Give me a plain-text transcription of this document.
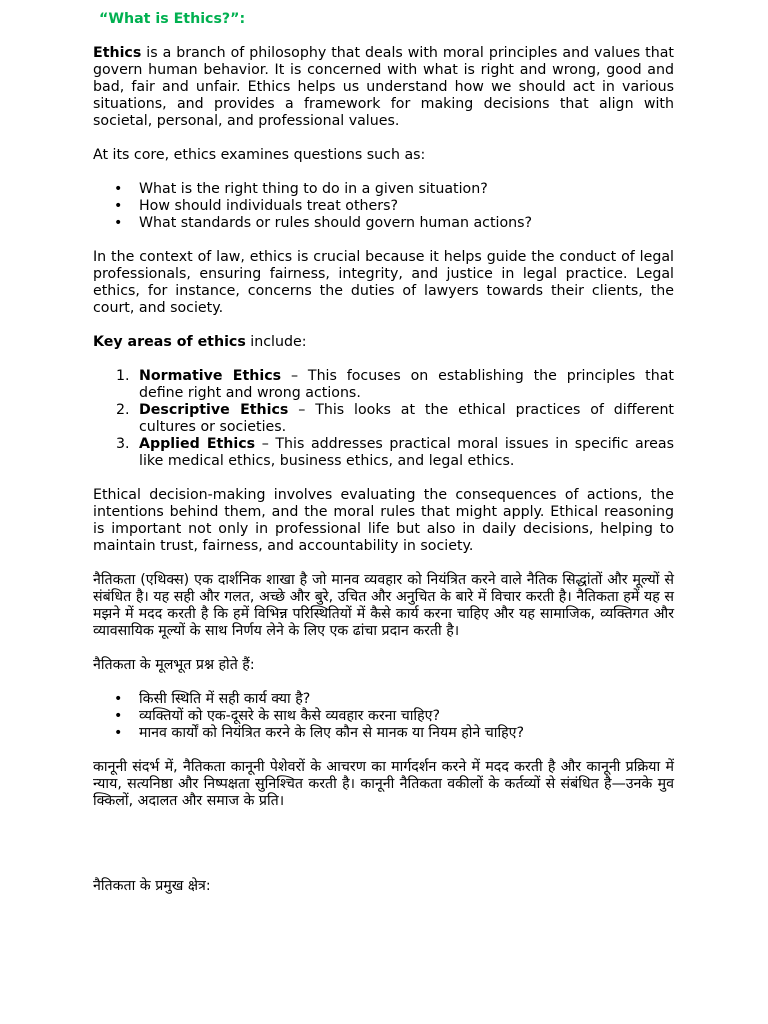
“What is Ethics?”:

Ethics is a branch of philosophy that deals with moral principles and values that govern human behavior. It is concerned with what is right and wrong, good and bad, fair and unfair. Ethics helps us understand how we should act in various situations, and provides a framework for making decisions that align with societal, personal, and professional values.

At its core, ethics examines questions such as:

• What is the right thing to do in a given situation?
• How should individuals treat others?
• What standards or rules should govern human actions?

In the context of law, ethics is crucial because it helps guide the conduct of legal professionals, ensuring fairness, integrity, and justice in legal practice. Legal ethics, for instance, concerns the duties of lawyers towards their clients, the court, and society.

Key areas of ethics include:

1. Normative Ethics – This focuses on establishing the principles that define right and wrong actions.
2. Descriptive Ethics – This looks at the ethical practices of different cultures or societies.
3. Applied Ethics – This addresses practical moral issues in specific areas like medical ethics, business ethics, and legal ethics.

Ethical decision-making involves evaluating the consequences of actions, the intentions behind them, and the moral rules that might apply. Ethical reasoning is important not only in professional life but also in daily decisions, helping to maintain trust, fairness, and accountability in society.

नैतिकता (एथिक्स) एक दार्शनिक शाखा है जो मानव व्यवहार को नियंत्रित करने वाले नैतिक सिद्धांतों और मूल्यों से संबंधित है। यह सही और गलत, अच्छे और बुरे, उचित और अनुचित के बारे में विचार करती है। नैतिकता हमें यह समझने में मदद करती है कि हमें विभिन्न परिस्थितियों में कैसे कार्य करना चाहिए और यह सामाजिक, व्यक्तिगत और व्यावसायिक मूल्यों के साथ निर्णय लेने के लिए एक ढांचा प्रदान करती है।

नैतिकता के मूलभूत प्रश्न होते हैं:

• किसी स्थिति में सही कार्य क्या है?
• व्यक्तियों को एक-दूसरे के साथ कैसे व्यवहार करना चाहिए?
• मानव कार्यों को नियंत्रित करने के लिए कौन से मानक या नियम होने चाहिए?

कानूनी संदर्भ में, नैतिकता कानूनी पेशेवरों के आचरण का मार्गदर्शन करने में मदद करती है और कानूनी प्रक्रिया में न्याय, सत्यनिष्ठा और निष्पक्षता सुनिश्चित करती है। कानूनी नैतिकता वकीलों के कर्तव्यों से संबंधित है—उनके मुवक्किलों, अदालत और समाज के प्रति।

नैतिकता के प्रमुख क्षेत्र:
